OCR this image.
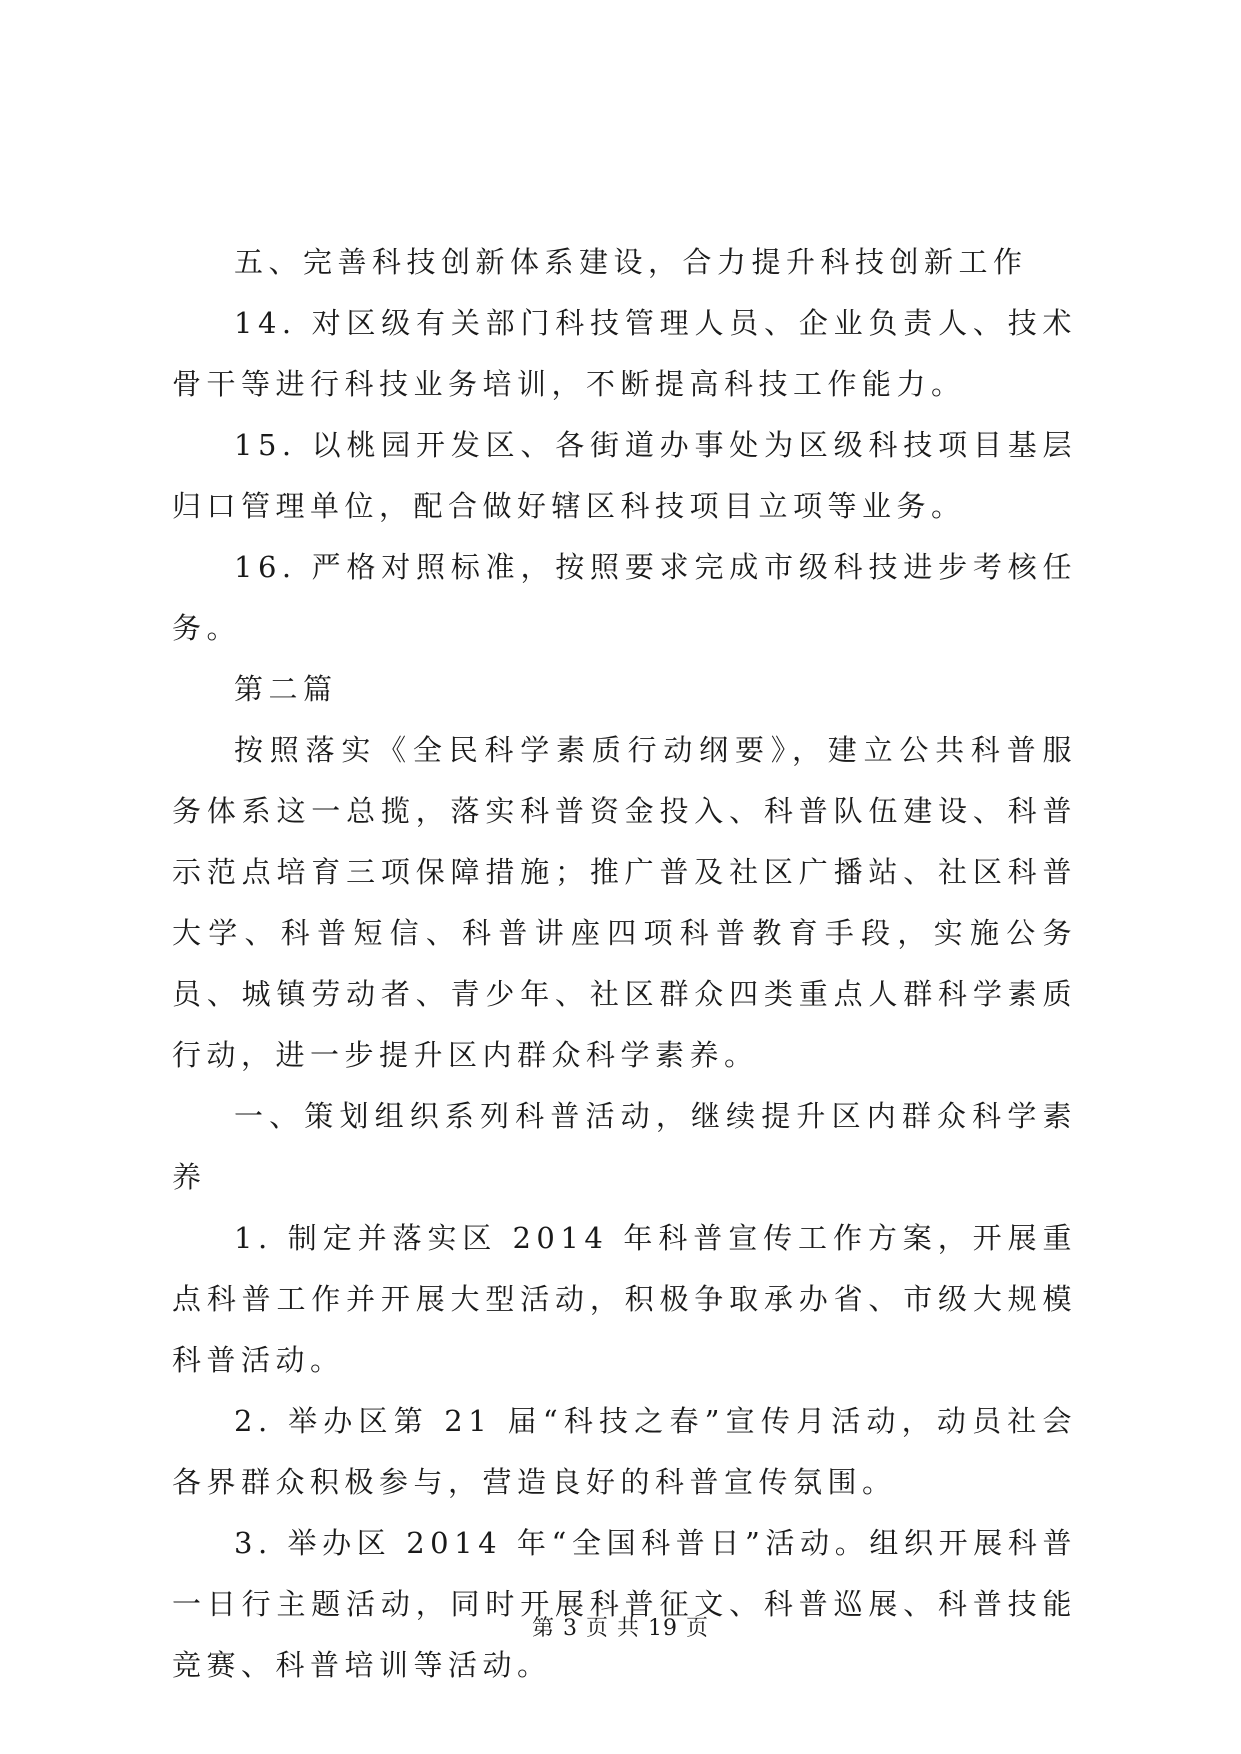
五、完善科技创新体系建设，合力提升科技创新工作

14. 对区级有关部门科技管理人员、企业负责人、技术骨干等进行科技业务培训，不断提高科技工作能力。

15. 以桃园开发区、各街道办事处为区级科技项目基层归口管理单位，配合做好辖区科技项目立项等业务。

16. 严格对照标准，按照要求完成市级科技进步考核任务。

第二篇

按照落实《全民科学素质行动纲要》，建立公共科普服务体系这一总揽，落实科普资金投入、科普队伍建设、科普示范点培育三项保障措施；推广普及社区广播站、社区科普大学、科普短信、科普讲座四项科普教育手段，实施公务员、城镇劳动者、青少年、社区群众四类重点人群科学素质行动，进一步提升区内群众科学素养。

一、策划组织系列科普活动，继续提升区内群众科学素养

1. 制定并落实区 2014 年科普宣传工作方案，开展重点科普工作并开展大型活动，积极争取承办省、市级大规模科普活动。

2. 举办区第 21 届“科技之春”宣传月活动，动员社会各界群众积极参与，营造良好的科普宣传氛围。

3. 举办区 2014 年“全国科普日”活动。组织开展科普一日行主题活动，同时开展科普征文、科普巡展、科普技能竞赛、科普培训等活动。

第 3 页 共 19 页
